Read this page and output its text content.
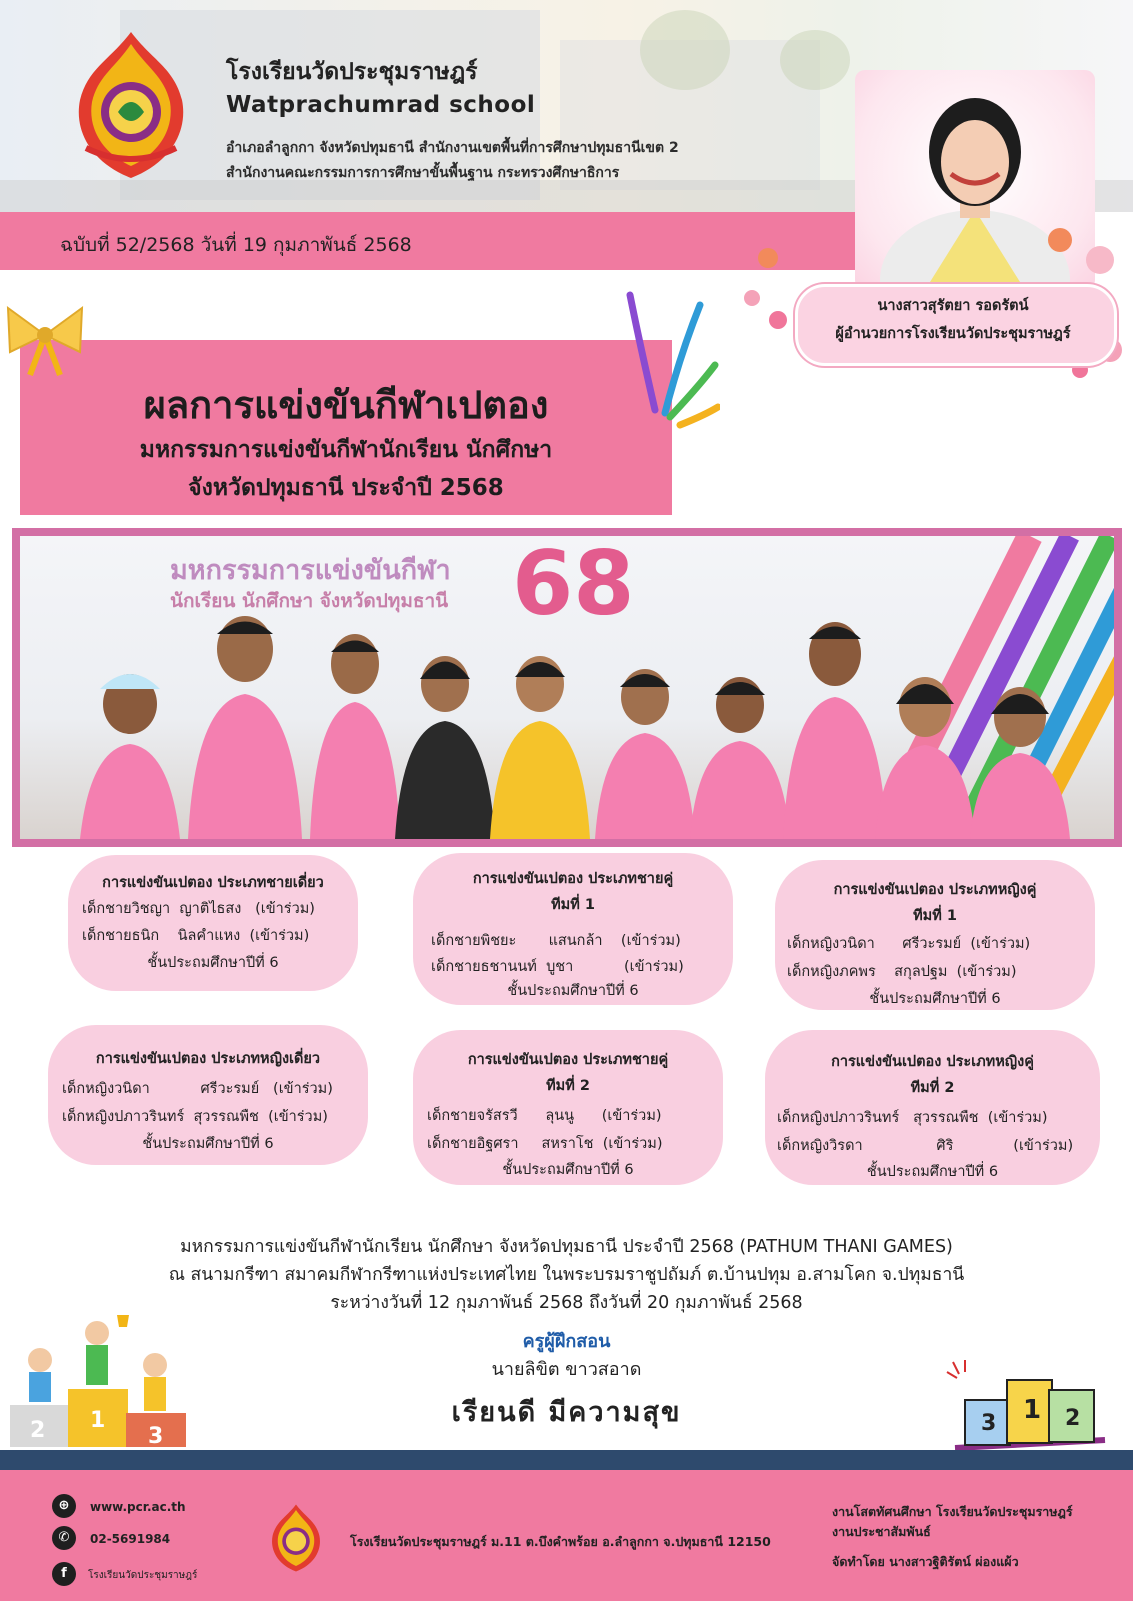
โรงเรียนวัดประชุมราษฎร์
Watprachumrad school
อำเภอลำลูกกา จังหวัดปทุมธานี สำนักงานเขตพื้นที่การศึกษาปทุมธานีเขต 2
สำนักงานคณะกรรมการการศึกษาขั้นพื้นฐาน กระทรวงศึกษาธิการ
ฉบับที่ 52/2568 วันที่ 19 กุมภาพันธ์ 2568
นางสาวสุรัตยา รอดรัตน์
ผู้อำนวยการโรงเรียนวัดประชุมราษฎร์
ผลการแข่งขันกีฬาเปตอง
มหกรรมการแข่งขันกีฬานักเรียน นักศึกษา
จังหวัดปทุมธานี ประจำปี 2568
มหกรรมการแข่งขันกีฬา
นักเรียน นักศึกษา จังหวัดปทุมธานี 68
การแข่งขันเปตอง ประเภทชายเดี่ยว
เด็กชายวิชญา  ญาติไธสง   (เข้าร่วม)
เด็กชายธนิก    นิลคำแหง  (เข้าร่วม)
ชั้นประถมศึกษาปีที่ 6
การแข่งขันเปตอง ประเภทชายคู่
ทีมที่ 1
เด็กชายพิชยะ       แสนกล้า    (เข้าร่วม)
เด็กชายธชานนท์  บูชา           (เข้าร่วม)
ชั้นประถมศึกษาปีที่ 6
การแข่งขันเปตอง ประเภทหญิงคู่
ทีมที่ 1
เด็กหญิงวนิดา      ศรีวะรมย์  (เข้าร่วม)
เด็กหญิงภคพร    สกุลปฐม  (เข้าร่วม)
ชั้นประถมศึกษาปีที่ 6
การแข่งขันเปตอง ประเภทหญิงเดี่ยว
เด็กหญิงวนิดา           ศรีวะรมย์   (เข้าร่วม)
เด็กหญิงปภาวรินทร์  สุวรรณพืช  (เข้าร่วม)
ชั้นประถมศึกษาปีที่ 6
การแข่งขันเปตอง ประเภทชายคู่
ทีมที่ 2
เด็กชายจรัสรวี      ลุนนู      (เข้าร่วม)
เด็กชายอิฐศรา     สหราโช  (เข้าร่วม)
ชั้นประถมศึกษาปีที่ 6
การแข่งขันเปตอง ประเภทหญิงคู่
ทีมที่ 2
เด็กหญิงปภาวรินทร์   สุวรรณพืช  (เข้าร่วม)
เด็กหญิงวิรดา                ศิริ             (เข้าร่วม)
ชั้นประถมศึกษาปีที่ 6
มหกรรมการแข่งขันกีฬานักเรียน นักศึกษา จังหวัดปทุมธานี ประจำปี 2568 (PATHUM THANI GAMES)
ณ สนามกรีฑา สมาคมกีฬากรีฑาแห่งประเทศไทย ในพระบรมราชูปถัมภ์ ต.บ้านปทุม อ.สามโคก จ.ปทุมธานี
ระหว่างวันที่ 12 กุมภาพันธ์ 2568 ถึงวันที่ 20 กุมภาพันธ์ 2568
ครูผู้ฝึกสอน
นายลิขิต ขาวสอาด
เรียนดี มีความสุข
2 1
3
3 1 2
⊕	www.pcr.ac.th
✆	02-5691984
f	โรงเรียนวัดประชุมราษฎร์
โรงเรียนวัดประชุมราษฎร์ ม.11 ต.บึงคำพร้อย อ.ลำลูกกา จ.ปทุมธานี 12150
งานโสตทัศนศึกษา โรงเรียนวัดประชุมราษฎร์
งานประชาสัมพันธ์
จัดทำโดย นางสาวฐิติรัตน์ ผ่องแผ้ว
